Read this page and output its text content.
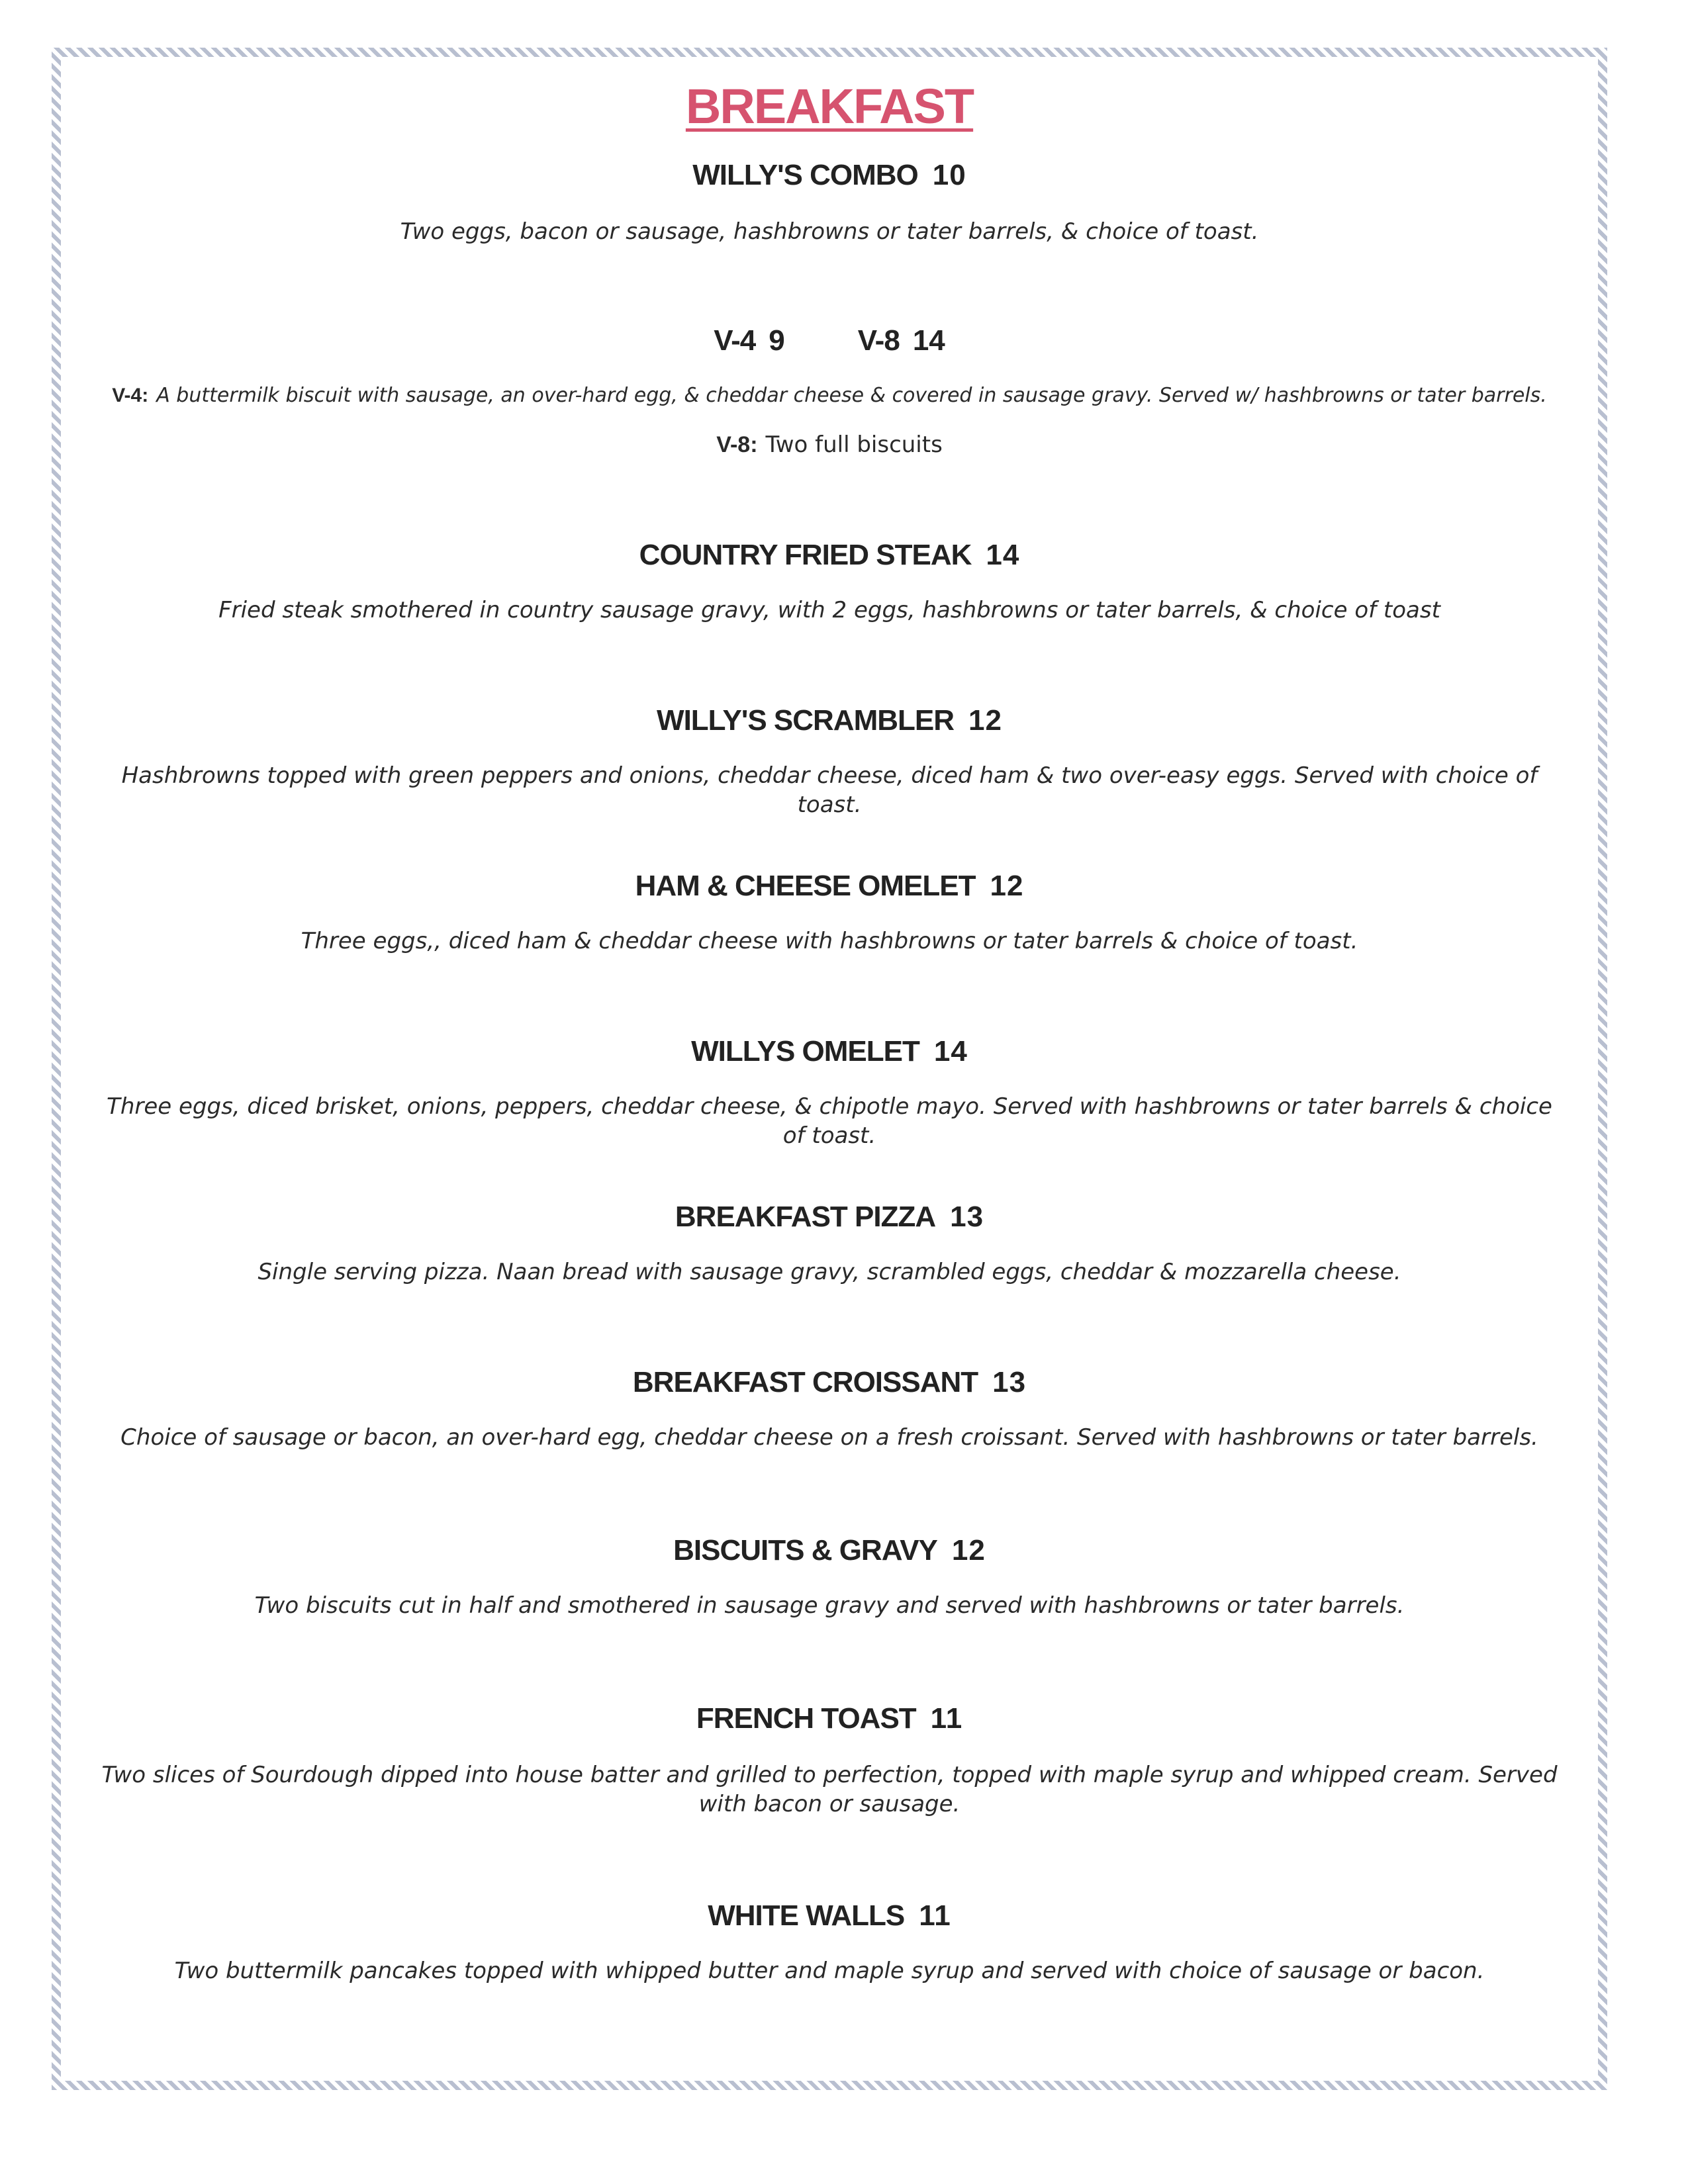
BREAKFAST
WILLY'S COMBO 10
Two eggs, bacon or sausage, hashbrowns or tater barrels, & choice of toast.
V-4 9	V-8 14
V-4: A buttermilk biscuit with sausage, an over-hard egg, & cheddar cheese & covered in sausage gravy. Served w/ hashbrowns or tater barrels.
V-8: Two full biscuits
COUNTRY FRIED STEAK 14
Fried steak smothered in country sausage gravy, with 2 eggs, hashbrowns or tater barrels, & choice of toast
WILLY'S SCRAMBLER 12
Hashbrowns topped with green peppers and onions, cheddar cheese, diced ham & two over-easy eggs. Served with choice of toast.
HAM & CHEESE OMELET 12
Three eggs,, diced ham & cheddar cheese with hashbrowns or tater barrels & choice of toast.
WILLYS OMELET 14
Three eggs, diced brisket, onions, peppers, cheddar cheese, & chipotle mayo. Served with hashbrowns or tater barrels & choice of toast.
BREAKFAST PIZZA 13
Single serving pizza. Naan bread with sausage gravy, scrambled eggs, cheddar & mozzarella cheese.
BREAKFAST CROISSANT 13
Choice of sausage or bacon, an over-hard egg, cheddar cheese on a fresh croissant. Served with hashbrowns or tater barrels.
BISCUITS & GRAVY 12
Two biscuits cut in half and smothered in sausage gravy and served with hashbrowns or tater barrels.
FRENCH TOAST 11
Two slices of Sourdough dipped into house batter and grilled to perfection, topped with maple syrup and whipped cream. Served with bacon or sausage.
WHITE WALLS 11
Two buttermilk pancakes topped with whipped butter and maple syrup and served with choice of sausage or bacon.
